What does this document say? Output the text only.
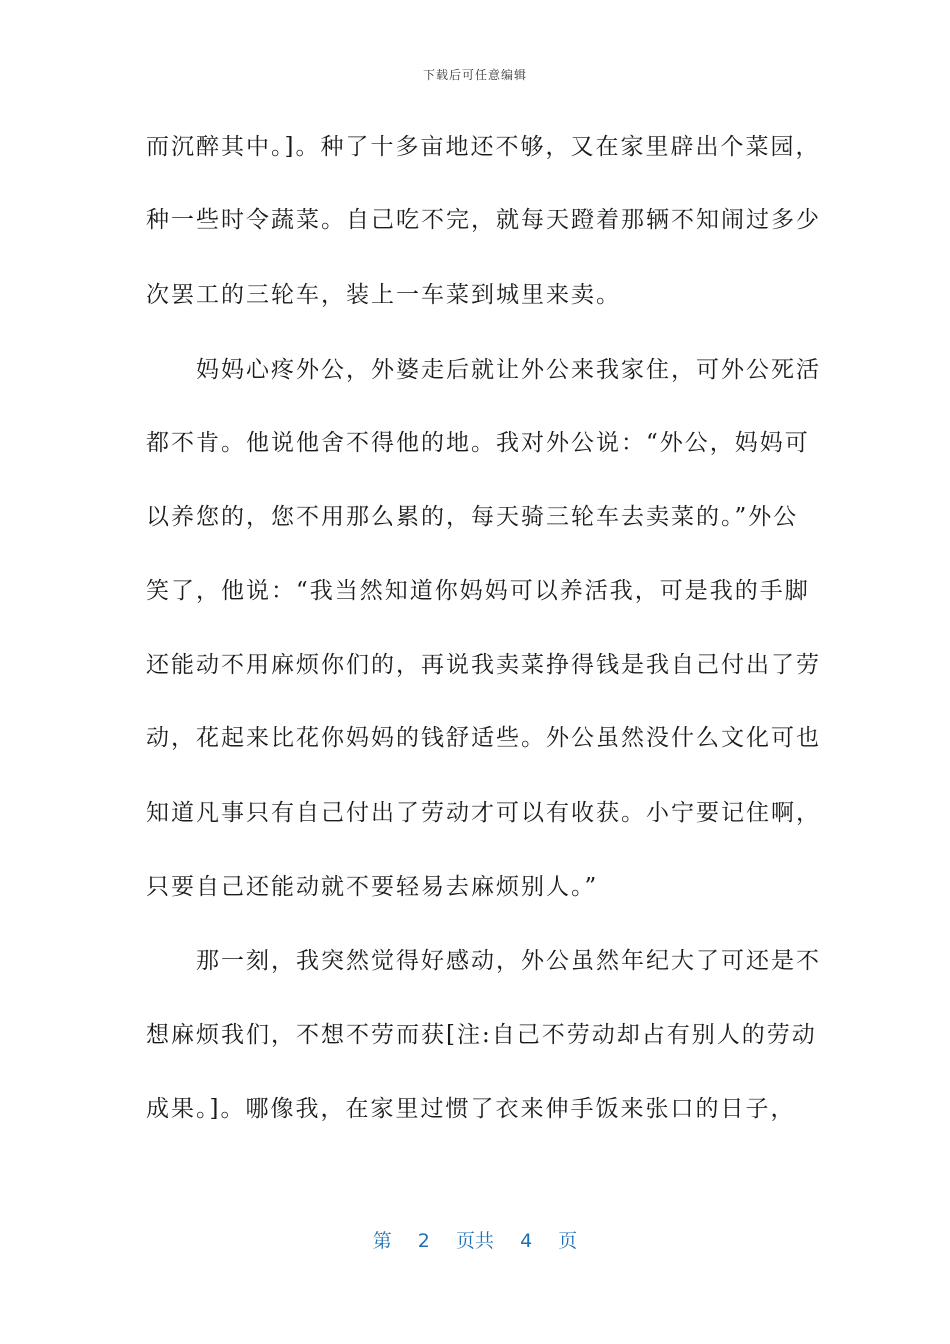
下载后可任意编辑
而沉醉其中。]。种了十多亩地还不够，又在家里辟出个菜园，
种一些时令蔬菜。自己吃不完，就每天蹬着那辆不知闹过多少
次罢工的三轮车，装上一车菜到城里来卖。
　　妈妈心疼外公，外婆走后就让外公来我家住，可外公死活
都不肯。他说他舍不得他的地。我对外公说：“外公，妈妈可
以养您的，您不用那么累的，每天骑三轮车去卖菜的。”外公
笑了，他说：“我当然知道你妈妈可以养活我，可是我的手脚
还能动不用麻烦你们的，再说我卖菜挣得钱是我自己付出了劳
动，花起来比花你妈妈的钱舒适些。外公虽然没什么文化可也
知道凡事只有自己付出了劳动才可以有收获。小宁要记住啊，
只要自己还能动就不要轻易去麻烦别人。”
　　那一刻，我突然觉得好感动，外公虽然年纪大了可还是不
想麻烦我们，不想不劳而获[注:自己不劳动却占有别人的劳动
成果。]。哪像我，在家里过惯了衣来伸手饭来张口的日子，
第 2 页共 4 页
